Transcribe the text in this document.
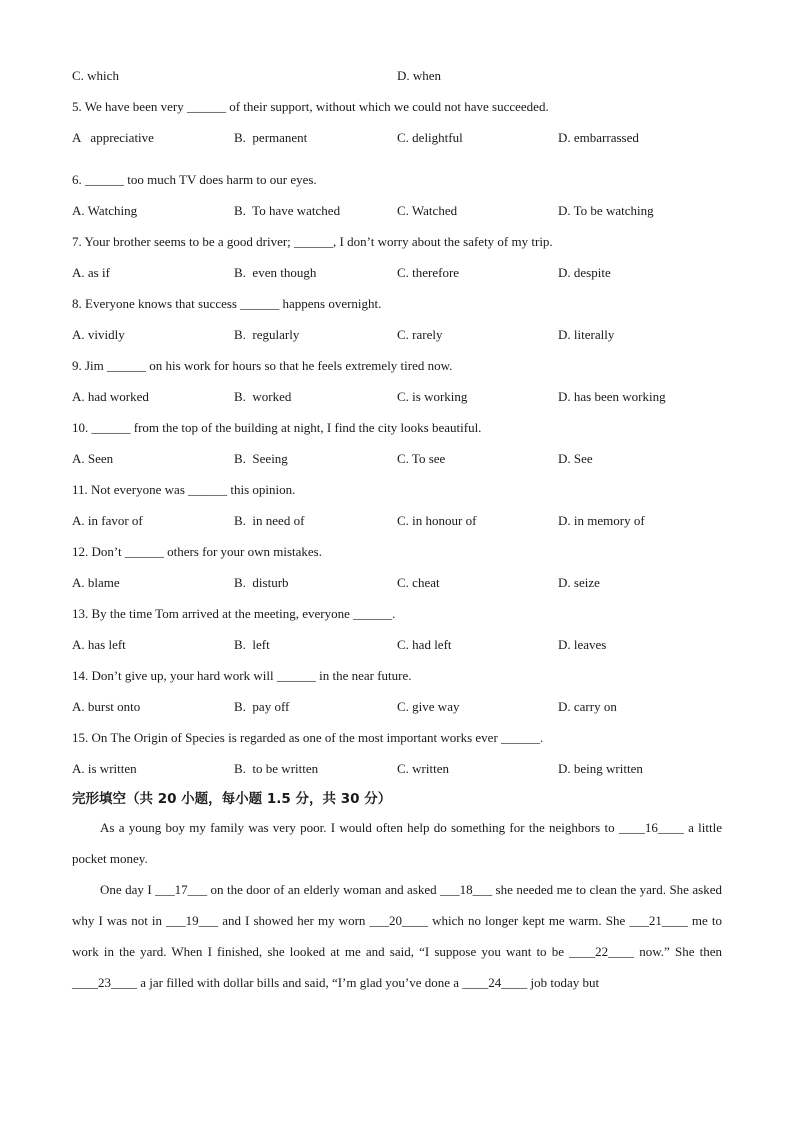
C. which	D. when
5. We have been very ______ of their support, without which we could not have succeeded.
A   appreciative	B.  permanent	C. delightful	D. embarrassed
6. ______ too much TV does harm to our eyes.
A. Watching	B.  To have watched	C. Watched	D. To be watching
7. Your brother seems to be a good driver; ______, I don’t worry about the safety of my trip.
A. as if	B.  even though	C. therefore	D. despite
8. Everyone knows that success ______ happens overnight.
A. vividly	B.  regularly	C. rarely	D. literally
9. Jim ______ on his work for hours so that he feels extremely tired now.
A. had worked	B.  worked	C. is working	D. has been working
10. ______ from the top of the building at night, I find the city looks beautiful.
A. Seen	B.  Seeing	C. To see	D. See
11. Not everyone was ______ this opinion.
A. in favor of	B.  in need of	C. in honour of	D. in memory of
12. Don’t ______ others for your own mistakes.
A. blame	B.  disturb	C. cheat	D. seize
13. By the time Tom arrived at the meeting, everyone ______.
A. has left	B.  left	C. had left	D. leaves
14. Don’t give up, your hard work will ______ in the near future.
A. burst onto	B.  pay off	C. give way	D. carry on
15. On The Origin of Species is regarded as one of the most important works ever ______.
A. is written	B.  to be written	C. written	D. being written
完形填空（共 20 小题，每小题 1.5 分，共 30 分）
As a young boy my family was very poor. I would often help do something for the neighbors to ____16____ a little pocket money.
One day I ___17___ on the door of an elderly woman and asked ___18___ she needed me to clean the yard. She asked why I was not in ___19___ and I showed her my worn ___20____ which no longer kept me warm. She ___21____ me to work in the yard. When I finished, she looked at me and said, “I suppose you want to be ____22____ now.” She then ____23____ a jar filled with dollar bills and said, “I’m glad you’ve done a ____24____ job today but
